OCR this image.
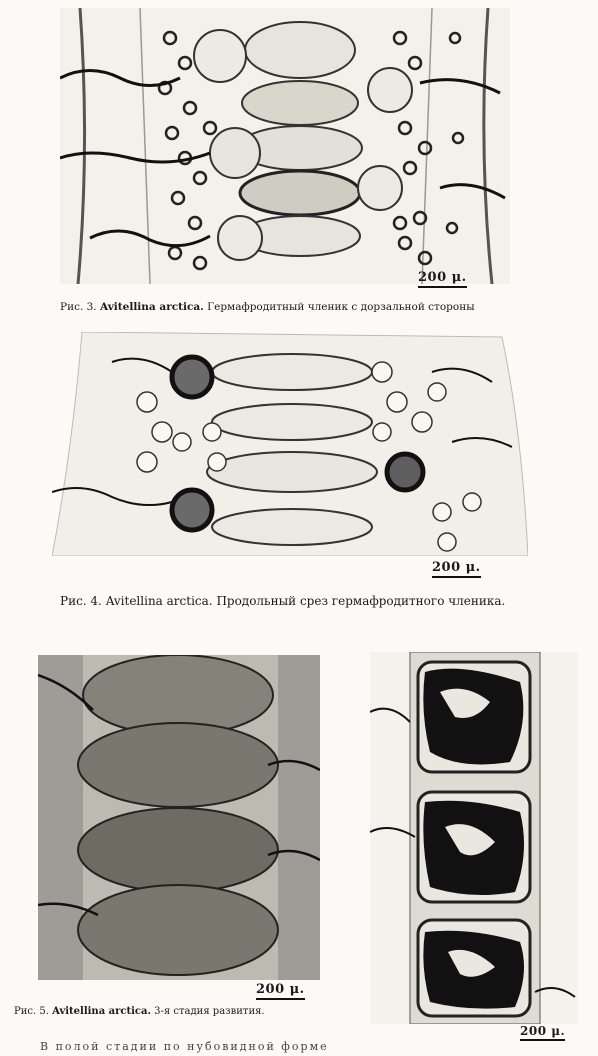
200 μ.
Рис. 3. Avitellina arctica. Гермафродитный членик с дорзальной стороны
200 μ.
Рис. 4. Avitellina arctica. Продольный срез гермафродитного членика.
200 μ.
Рис. 5. Avitellina arctica. 3-я стадия развития.
200 μ.
В полой стадии по нубовидной форме
